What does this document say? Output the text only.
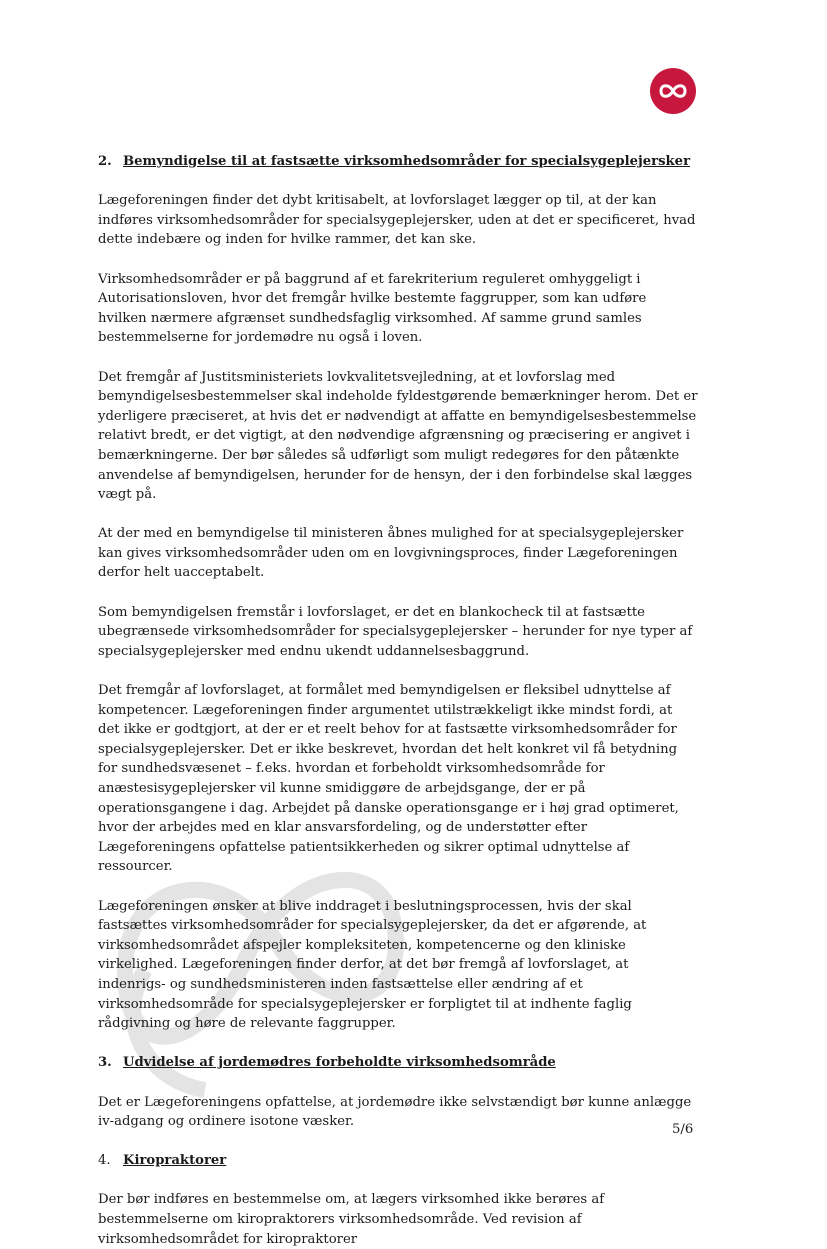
2. Bemyndigelse til at fastsætte virksomhedsområder for specialsygeplejersker

Lægeforeningen finder det dybt kritisabelt, at lovforslaget lægger op til, at der kan indføres virksomhedsområder for specialsygeplejersker, uden at det er specificeret, hvad dette indebære og inden for hvilke rammer, det kan ske.

Virksomhedsområder er på baggrund af et farekriterium reguleret omhyggeligt i Autorisationsloven, hvor det fremgår hvilke bestemte faggrupper, som kan udføre hvilken nærmere afgrænset sundhedsfaglig virksomhed. Af samme grund samles bestemmelserne for jordemødre nu også i loven.

Det fremgår af Justitsministeriets lovkvalitetsvejledning, at et lovforslag med bemyndigelsesbestemmelser skal indeholde fyldestgørende bemærkninger herom. Det er yderligere præciseret, at hvis det er nødvendigt at affatte en bemyndigelsesbestemmelse relativt bredt, er det vigtigt, at den nødvendige afgrænsning og præcisering er angivet i bemærkningerne. Der bør således så udførligt som muligt redegøres for den påtænkte anvendelse af bemyndigelsen, herunder for de hensyn, der i den forbindelse skal lægges vægt på.

At der med en bemyndigelse til ministeren åbnes mulighed for at specialsygeplejersker kan gives virksomhedsområder uden om en lovgivningsproces, finder Lægeforeningen derfor helt uacceptabelt.

Som bemyndigelsen fremstår i lovforslaget, er det en blankocheck til at fastsætte ubegrænsede virksomhedsområder for specialsygeplejersker – herunder for nye typer af specialsygeplejersker med endnu ukendt uddannelsesbaggrund.

Det fremgår af lovforslaget, at formålet med bemyndigelsen er fleksibel udnyttelse af kompetencer. Lægeforeningen finder argumentet utilstrækkeligt ikke mindst fordi, at det ikke er godtgjort, at der er et reelt behov for at fastsætte virksomhedsområder for specialsygeplejersker. Det er ikke beskrevet, hvordan det helt konkret vil få betydning for sundhedsvæsenet – f.eks. hvordan et forbeholdt virksomhedsområde for anæstesisygeplejersker vil kunne smidiggøre de arbejdsgange, der er på operationsgangene i dag. Arbejdet på danske operationsgange er i høj grad optimeret, hvor der arbejdes med en klar ansvarsfordeling, og de understøtter efter Lægeforeningens opfattelse patientsikkerheden og sikrer optimal udnyttelse af ressourcer.

Lægeforeningen ønsker at blive inddraget i beslutningsprocessen, hvis der skal fastsættes virksomhedsområder for specialsygeplejersker, da det er afgørende, at virksomhedsområdet afspejler kompleksiteten, kompetencerne og den kliniske virkelighed. Lægeforeningen finder derfor, at det bør fremgå af lovforslaget, at indenrigs- og sundhedsministeren inden fastsættelse eller ændring af et virksomhedsområde for specialsygeplejersker er forpligtet til at indhente faglig rådgivning og høre de relevante faggrupper.

3. Udvidelse af jordemødres forbeholdte virksomhedsområde

Det er Lægeforeningens opfattelse, at jordemødre ikke selvstændigt bør kunne anlægge iv-adgang og ordinere isotone væsker.

4. Kiropraktorer

Der bør indføres en bestemmelse om, at lægers virksomhed ikke berøres af bestemmelserne om kiropraktorers virksomhedsområde. Ved revision af virksomhedsområdet for kiropraktorer

5/6
